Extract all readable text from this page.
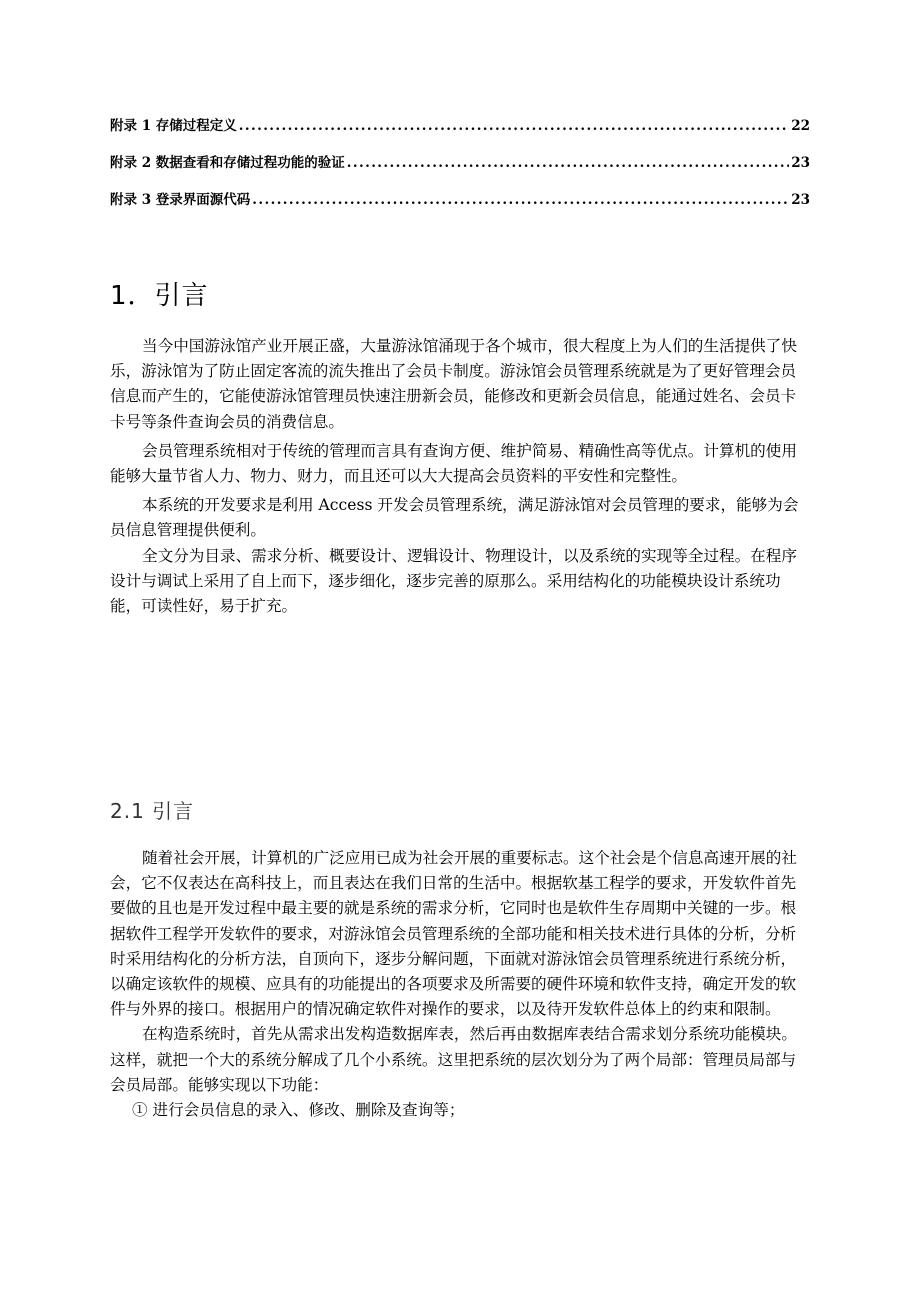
附录 1 存储过程定义 .....	22
附录 2 数据查看和存储过程功能的验证 .....	23
附录 3 登录界面源代码 .....	23
1．引言

当今中国游泳馆产业开展正盛，大量游泳馆涌现于各个城市，很大程度上为人们的生活提供了快乐，游泳馆为了防止固定客流的流失推出了会员卡制度。游泳馆会员管理系统就是为了更好管理会员信息而产生的，它能使游泳馆管理员快速注册新会员，能修改和更新会员信息，能通过姓名、会员卡卡号等条件查询会员的消费信息。

会员管理系统相对于传统的管理而言具有查询方便、维护简易、精确性高等优点。计算机的使用能够大量节省人力、物力、财力，而且还可以大大提高会员资料的平安性和完整性。

本系统的开发要求是利用 Access 开发会员管理系统，满足游泳馆对会员管理的要求，能够为会员信息管理提供便利。

全文分为目录、需求分析、概要设计、逻辑设计、物理设计，以及系统的实现等全过程。在程序设计与调试上采用了自上而下，逐步细化，逐步完善的原那么。采用结构化的功能模块设计系统功能，可读性好，易于扩充。

2.1 引言

随着社会开展，计算机的广泛应用已成为社会开展的重要标志。这个社会是个信息高速开展的社会，它不仅表达在高科技上，而且表达在我们日常的生活中。根据软基工程学的要求，开发软件首先要做的且也是开发过程中最主要的就是系统的需求分析，它同时也是软件生存周期中关键的一步。根据软件工程学开发软件的要求，对游泳馆会员管理系统的全部功能和相关技术进行具体的分析，分析时采用结构化的分析方法，自顶向下，逐步分解问题，下面就对游泳馆会员管理系统进行系统分析，以确定该软件的规模、应具有的功能提出的各项要求及所需要的硬件环境和软件支持，确定开发的软件与外界的接口。根据用户的情况确定软件对操作的要求，以及待开发软件总体上的约束和限制。

在构造系统时，首先从需求出发构造数据库表，然后再由数据库表结合需求划分系统功能模块。这样，就把一个大的系统分解成了几个小系统。这里把系统的层次划分为了两个局部：管理员局部与会员局部。能够实现以下功能：

① 进行会员信息的录入、修改、删除及查询等；
